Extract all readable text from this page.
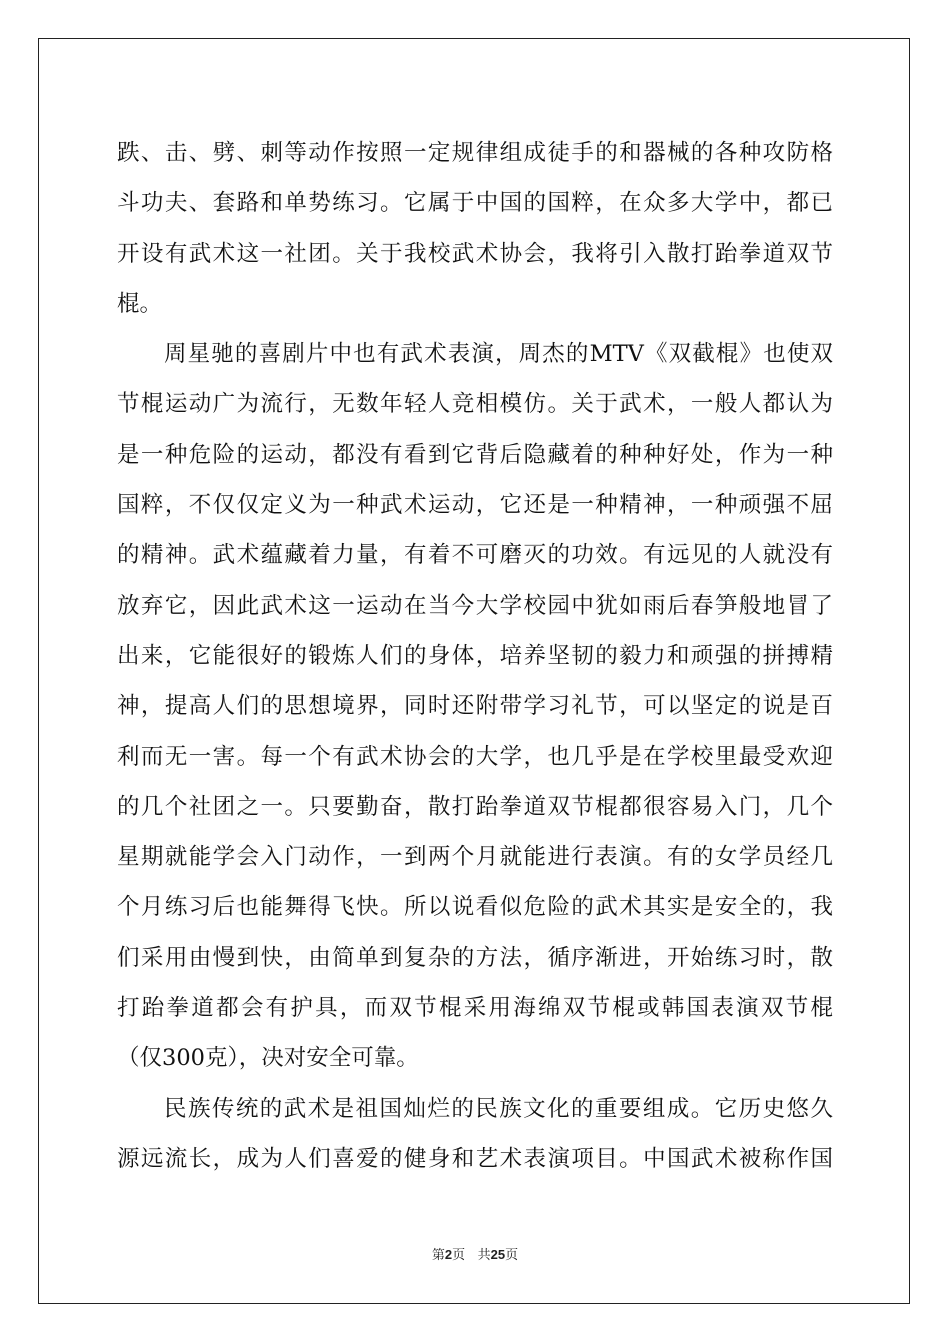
跌、击、劈、刺等动作按照一定规律组成徒手的和器械的各种攻防格
斗功夫、套路和单势练习。它属于中国的国粹，在众多大学中，都已
开设有武术这一社团。关于我校武术协会，我将引入散打跆拳道双节
棍。
周星驰的喜剧片中也有武术表演，周杰的MTV《双截棍》也使双
节棍运动广为流行，无数年轻人竞相模仿。关于武术，一般人都认为
是一种危险的运动，都没有看到它背后隐藏着的种种好处，作为一种
国粹，不仅仅定义为一种武术运动，它还是一种精神，一种顽强不屈
的精神。武术蕴藏着力量，有着不可磨灭的功效。有远见的人就没有
放弃它，因此武术这一运动在当今大学校园中犹如雨后春笋般地冒了
出来，它能很好的锻炼人们的身体，培养坚韧的毅力和顽强的拼搏精
神，提高人们的思想境界，同时还附带学习礼节，可以坚定的说是百
利而无一害。每一个有武术协会的大学，也几乎是在学校里最受欢迎
的几个社团之一。只要勤奋，散打跆拳道双节棍都很容易入门，几个
星期就能学会入门动作，一到两个月就能进行表演。有的女学员经几
个月练习后也能舞得飞快。所以说看似危险的武术其实是安全的，我
们采用由慢到快，由简单到复杂的方法，循序渐进，开始练习时，散
打跆拳道都会有护具，而双节棍采用海绵双节棍或韩国表演双节棍
（仅300克），决对安全可靠。
民族传统的武术是祖国灿烂的民族文化的重要组成。它历史悠久
源远流长，成为人们喜爱的健身和艺术表演项目。中国武术被称作国
第2页 共25页
